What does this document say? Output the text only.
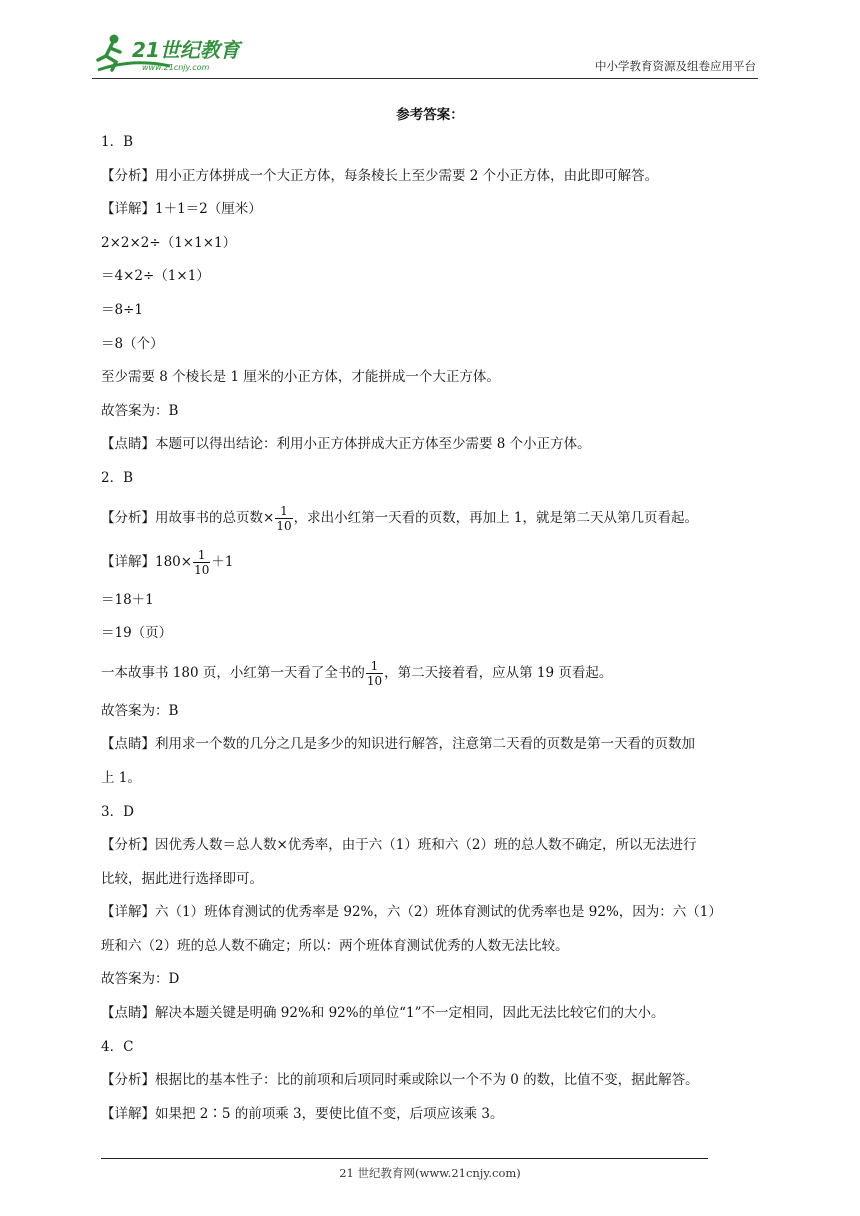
21世纪教育
www.21cnjy.com	中小学教育资源及组卷应用平台
参考答案：
1．B
【分析】用小正方体拼成一个大正方体，每条棱长上至少需要 2 个小正方体，由此即可解答。
【详解】1＋1＝2（厘米）
2×2×2÷（1×1×1）
＝4×2÷（1×1）
＝8÷1
＝8（个）
至少需要 8 个棱长是 1 厘米的小正方体，才能拼成一个大正方体。
故答案为：B
【点睛】本题可以得出结论：利用小正方体拼成大正方体至少需要 8 个小正方体。
2．B
【分析】用故事书的总页数× $\frac{1}{10}$ ，求出小红第一天看的页数，再加上 1，就是第二天从第几页看起。
【详解】$180\times \frac{1}{10} +1$
＝18＋1
＝19（页）
一本故事书 180 页，小红第一天看了全书的 $\frac{1}{10}$ ，第二天接着看，应从第 19 页看起。
故答案为：B
【点睛】利用求一个数的几分之几是多少的知识进行解答，注意第二天看的页数是第一天看的页数加
上 1。
3．D
【分析】因优秀人数＝总人数×优秀率，由于六（1）班和六（2）班的总人数不确定，所以无法进行
比较，据此进行选择即可。
【详解】六（1）班体育测试的优秀率是 92%，六（2）班体育测试的优秀率也是 92%，因为：六（1）
班和六（2）班的总人数不确定；所以：两个班体育测试优秀的人数无法比较。
故答案为：D
【点睛】解决本题关键是明确 92%和 92%的单位“1”不一定相同，因此无法比较它们的大小。
4．C
【分析】根据比的基本性子：比的前项和后项同时乘或除以一个不为 0 的数，比值不变，据此解答。
【详解】如果把 2∶5 的前项乘 3，要使比值不变，后项应该乘 3。
21 世纪教育网(www.21cnjy.com)
